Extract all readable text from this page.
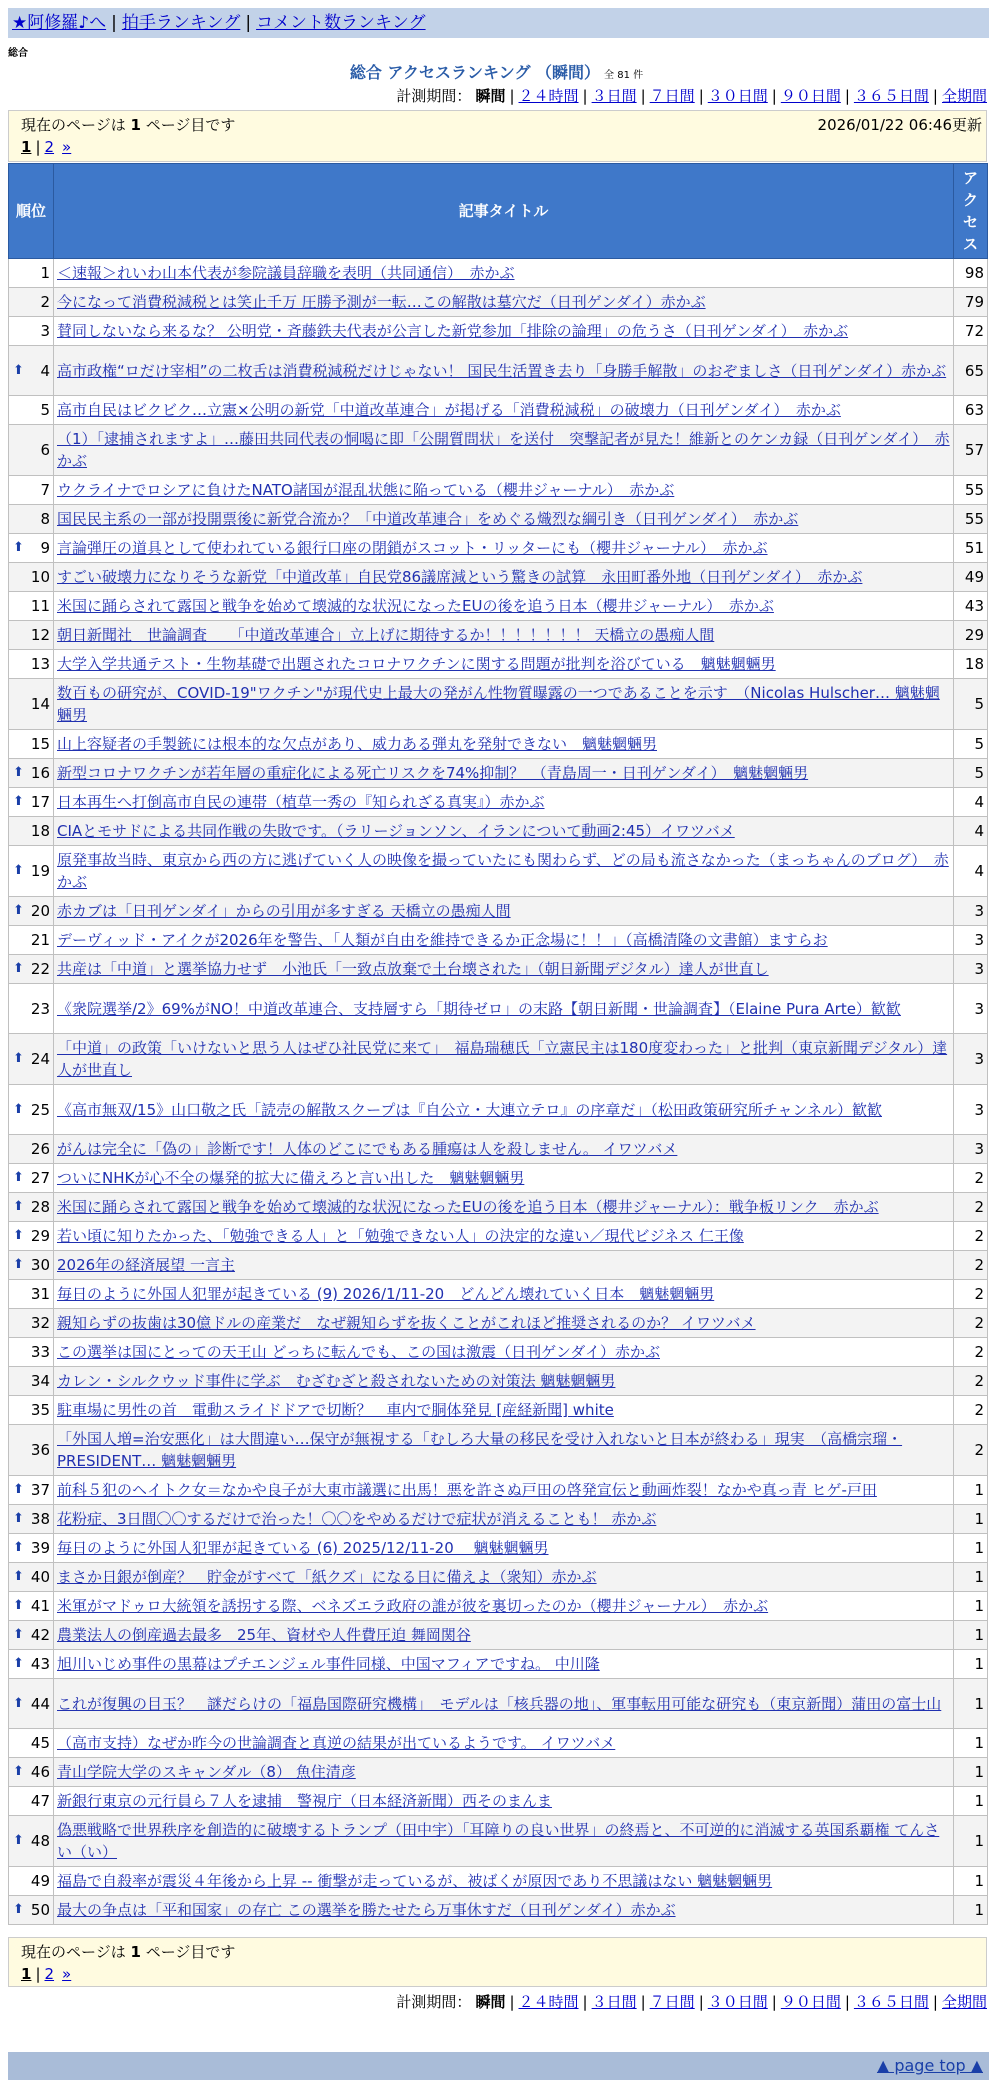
★阿修羅♪へ | 拍手ランキング | コメント数ランキング
総合
総合 アクセスランキング （瞬間） 全 81 件
計測期間： 瞬間 | ２４時間 | ３日間 | ７日間 | ３０日間 | ９０日間 | ３６５日間 | 全期間
現在のページは 1 ページ目です	2026/01/22 06:46更新
1 | 2 »
順位	記事タイトル	アクセス
1	＜速報＞れいわ山本代表が参院議員辞職を表明（共同通信）　赤かぶ	98
2	今になって消費税減税とは笑止千万 圧勝予測が一転…この解散は墓穴だ（日刊ゲンダイ）赤かぶ	79
3	賛同しないなら来るな？ 公明党・斉藤鉄夫代表が公言した新党参加「排除の論理」の危うさ（日刊ゲンダイ）　赤かぶ	72

⬆ 4	高市政権“ロだけ宰相”の二枚舌は消費税減税だけじゃない！ 国民生活置き去り「身勝手解散」のおぞましさ（日刊ゲンダイ）赤かぶ	65
5	高市自民はビクビク…立憲×公明の新党「中道改革連合」が掲げる「消費税減税」の破壊力（日刊ゲンダイ）　赤かぶ	63
6	（1）「逮捕されますよ」…藤田共同代表の恫喝に即「公開質問状」を送付　突撃記者が見た！維新とのケンカ録（日刊ゲンダイ）　赤かぶ	57
7	ウクライナでロシアに負けたNATO諸国が混乱状態に陥っている（櫻井ジャーナル）　赤かぶ	55
8	国民民主系の一部が投開票後に新党合流か？「中道改革連合」をめぐる熾烈な綱引き（日刊ゲンダイ）　赤かぶ	55

⬆ 9	言論弾圧の道具として使われている銀行口座の閉鎖がスコット・リッターにも（櫻井ジャーナル）　赤かぶ	51
10	すごい破壊力になりそうな新党「中道改革」自民党86議席減という驚きの試算　永田町番外地（日刊ゲンダイ）　赤かぶ	49
11	米国に踊らされて露国と戦争を始めて壊滅的な状況になったEUの後を追う日本（櫻井ジャーナル）　赤かぶ	43
12	朝日新聞社　世論調査　　「中道改革連合」立上げに期待するか！！！！！！！ 天橋立の愚痴人間	29
13	大学入学共通テスト・生物基礎で出題されたコロナワクチンに関する問題が批判を浴びている　魑魅魍魎男	18
14	数百もの研究が、COVID-19"ワクチン"が現代史上最大の発がん性物質曝露の一つであることを示す　（Nicolas Hulscher… 魑魅魍魎男	5
15	山上容疑者の手製銃には根本的な欠点があり、威力ある弾丸を発射できない　魑魅魍魎男	5

⬆ 16	新型コロナワクチンが若年層の重症化による死亡リスクを74%抑制？　（青島周一・日刊ゲンダイ）　魑魅魍魎男	5

⬆ 17	日本再生へ打倒高市自民の連帯（植草一秀の『知られざる真実』）赤かぶ	4
18	CIAとモサドによる共同作戦の失敗です。（ラリージョンソン、イランについて動画2:45）イワツバメ	4

⬆ 19	原発事故当時、東京から西の方に逃げていく人の映像を撮っていたにも関わらず、どの局も流さなかった（まっちゃんのブログ）　赤かぶ	4

⬆ 20	赤カブは「日刊ゲンダイ」からの引用が多すぎる 天橋立の愚痴人間	3
21	デーヴィッド・アイクが2026年を警告、「人類が自由を維持できるか正念場に！！」（高橋清隆の文書館）ますらお	3

⬆ 22	共産は「中道」と選挙協力せず　小池氏「一致点放棄で土台壊された」（朝日新聞デジタル）達人が世直し	3
23	《衆院選挙/2》69%がNO！中道改革連合、支持層すら「期待ゼロ」の末路【朝日新聞・世論調査】（Elaine Pura Arte）歓歓	3

⬆ 24	「中道」の政策「いけないと思う人はぜひ社民党に来て」　福島瑞穂氏「立憲民主は180度変わった」と批判（東京新聞デジタル）達人が世直し	3

⬆ 25	《高市無双/15》山口敬之氏「読売の解散スクープは『自公立・大連立テロ』の序章だ」（松田政策研究所チャンネル）歓歓	3
26	がんは完全に「偽の」診断です！人体のどこにでもある腫瘍は人を殺しません。 イワツバメ	3

⬆ 27	ついにNHKが心不全の爆発的拡大に備えろと言い出した　魑魅魍魎男	2

⬆ 28	米国に踊らされて露国と戦争を始めて壊滅的な状況になったEUの後を追う日本（櫻井ジャーナル）：戦争板リンク　赤かぶ	2

⬆ 29	若い頃に知りたかった、「勉強できる人」と「勉強できない人」の決定的な違い／現代ビジネス 仁王像	2

⬆ 30	2026年の経済展望 一言主	2
31	毎日のように外国人犯罪が起きている (9) 2026/1/11-20　どんどん壊れていく日本　魑魅魍魎男	2
32	親知らずの抜歯は30億ドルの産業だ　なぜ親知らずを抜くことがこれほど推奨されるのか？ イワツバメ	2
33	この選挙は国にとっての天王山 どっちに転んでも、この国は激震（日刊ゲンダイ）赤かぶ	2
34	カレン・シルクウッド事件に学ぶ　むざむざと殺されないための対策法 魑魅魍魎男	2
35	駐車場に男性の首　電動スライドドアで切断？　車内で胴体発見 [産経新聞] white	2
36	「外国人増=治安悪化」は大間違い…保守が無視する「むしろ大量の移民を受け入れないと日本が終わる」現実　（高橋宗瑠・PRESIDENT… 魑魅魍魎男	2

⬆ 37	前科５犯のヘイトク女＝なかや良子が大東市議選に出馬！悪を許さぬ戸田の啓発宣伝と動画炸裂！なかや真っ青 ヒゲ-戸田	1

⬆ 38	花粉症、3日間〇〇するだけで治った！〇〇をやめるだけで症状が消えることも！ 赤かぶ	1

⬆ 39	毎日のように外国人犯罪が起きている (6) 2025/12/11-20　 魑魅魍魎男	1

⬆ 40	まさか日銀が倒産？　貯金がすべて「紙クズ」になる日に備えよ（衆知）赤かぶ	1

⬆ 41	米軍がマドゥロ大統領を誘拐する際、ベネズエラ政府の誰が彼を裏切ったのか（櫻井ジャーナル）　赤かぶ	1

⬆ 42	農業法人の倒産過去最多　25年、資材や人件費圧迫 舞岡関谷	1

⬆ 43	旭川いじめ事件の黒幕はプチエンジェル事件同様、中国マフィアですね。 中川隆	1

⬆ 44	これが復興の目玉？　謎だらけの「福島国際研究機構」　モデルは「核兵器の地」、軍事転用可能な研究も（東京新聞）蒲田の富士山	1
45	（高市支持）なぜか昨今の世論調査と真逆の結果が出ているようです。 イワツバメ	1

⬆ 46	青山学院大学のスキャンダル（8） 魚住清彦	1
47	新銀行東京の元行員ら７人を逮捕　警視庁（日本経済新聞）西そのまんま	1

⬆ 48	偽悪戦略で世界秩序を創造的に破壊するトランプ（田中宇）「耳障りの良い世界」の終焉と、不可逆的に消滅する英国系覇権 てんさい（い）	1
49	福島で自殺率が震災４年後から上昇 -- 衝撃が走っているが、被ばくが原因であり不思議はない 魑魅魍魎男	1

⬆ 50	最大の争点は「平和国家」の存亡 この選挙を勝たせたら万事休すだ（日刊ゲンダイ）赤かぶ	1
計測期間： 瞬間 | ２４時間 | ３日間 | ７日間 | ３０日間 | ９０日間 | ３６５日間 | 全期間
現在のページは 1 ページ目です
1 | 2 »
▲ page top ▲
